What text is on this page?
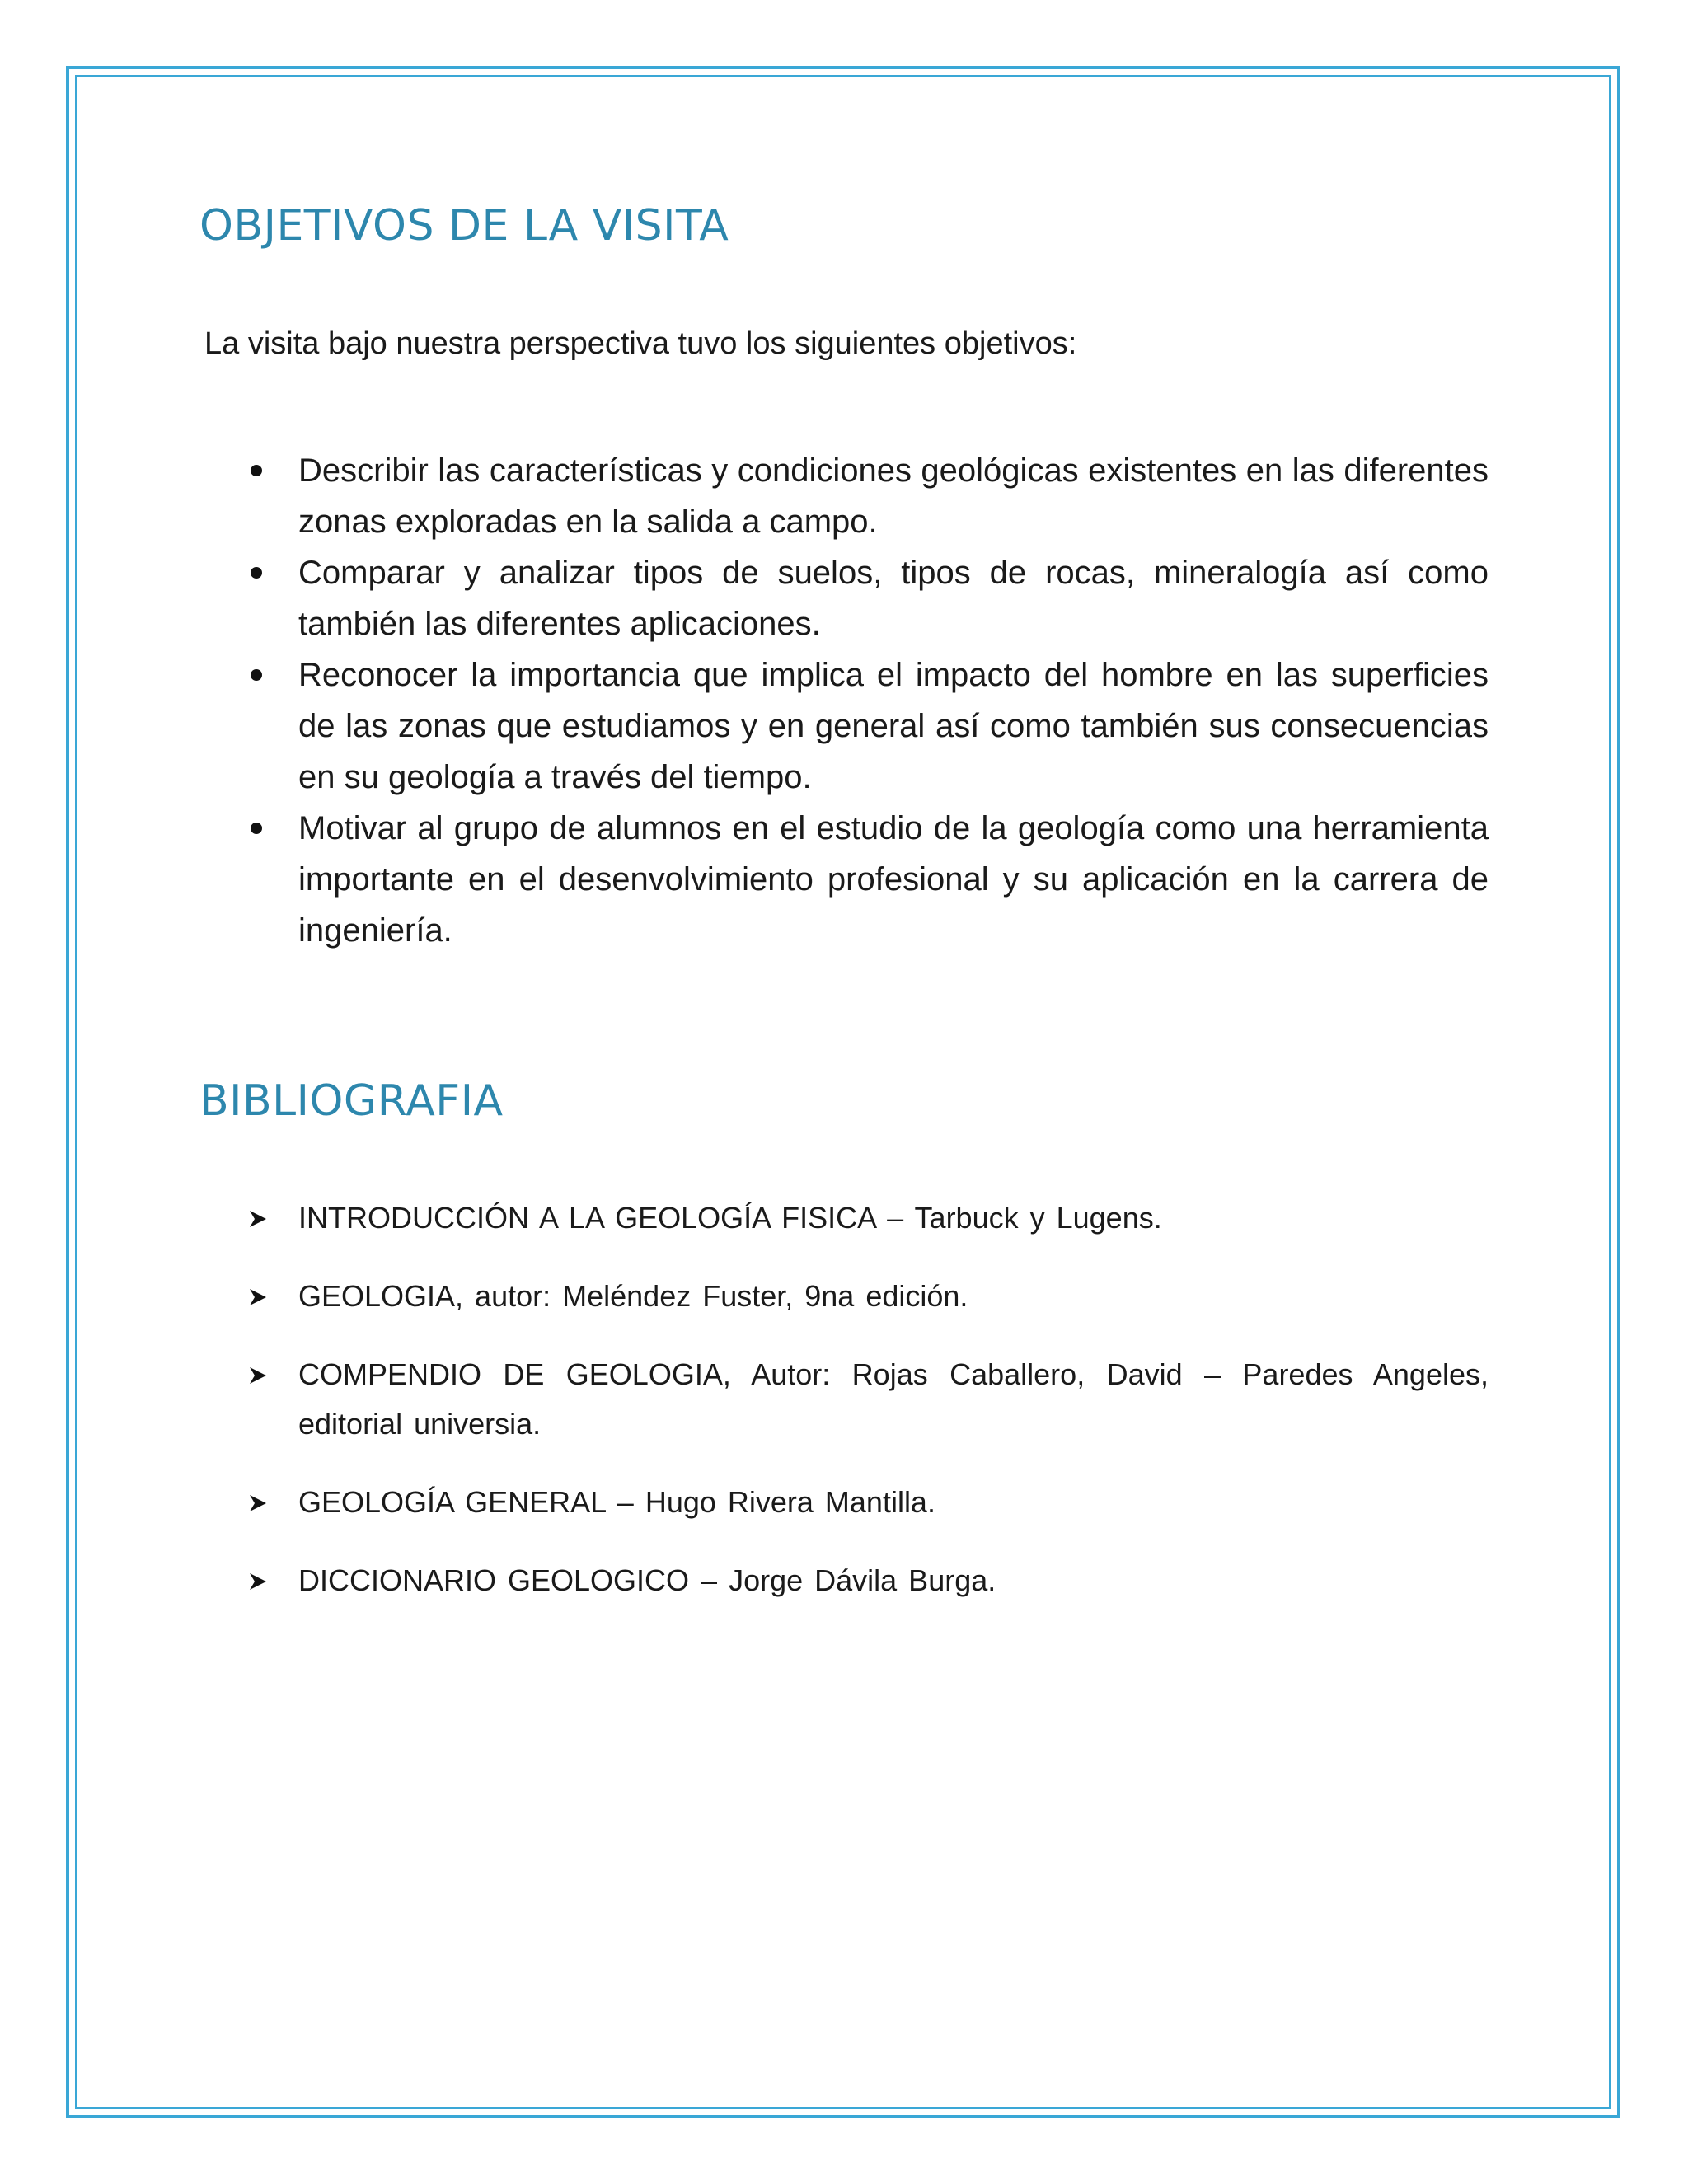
OBJETIVOS DE LA VISITA

La visita bajo nuestra perspectiva tuvo los siguientes objetivos:

Describir las características y condiciones geológicas existentes en las diferentes zonas exploradas en la salida a campo.
Comparar y analizar tipos de suelos, tipos de rocas, mineralogía así como también las diferentes aplicaciones.
Reconocer la importancia que implica el impacto del hombre en las superficies de las zonas que estudiamos y en general así como también sus consecuencias en su geología a través del tiempo.
Motivar al grupo de alumnos en el estudio de la geología como una herramienta importante en el desenvolvimiento profesional y su aplicación en la carrera de ingeniería.
BIBLIOGRAFIA
INTRODUCCIÓN A LA GEOLOGÍA FISICA – Tarbuck y Lugens.
GEOLOGIA, autor: Meléndez Fuster, 9na edición.
COMPENDIO DE GEOLOGIA, Autor: Rojas Caballero, David – Paredes Angeles, editorial universia.
GEOLOGÍA GENERAL – Hugo Rivera Mantilla.
DICCIONARIO GEOLOGICO – Jorge Dávila Burga.
